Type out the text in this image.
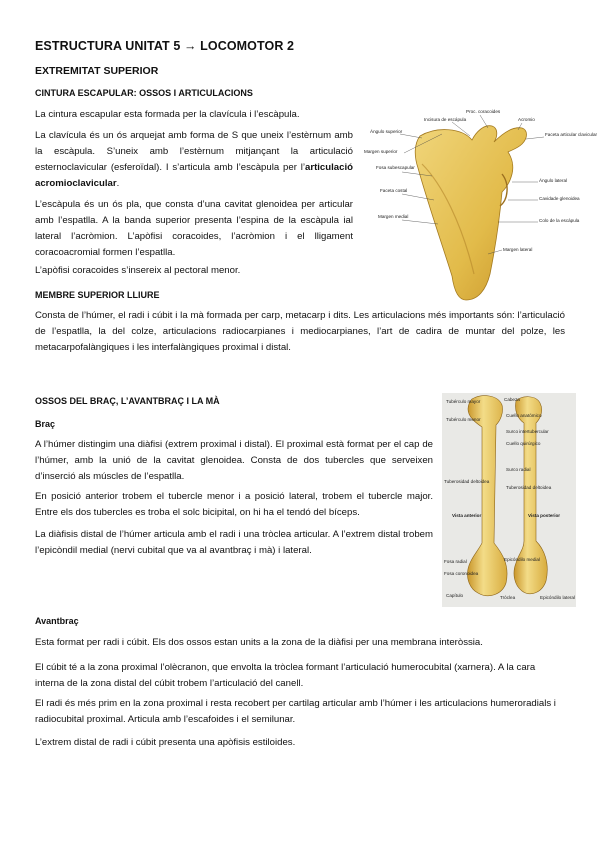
ESTRUCTURA UNITAT 5 → LOCOMOTOR 2
EXTREMITAT SUPERIOR
CINTURA ESCAPULAR: OSSOS I ARTICULACIONS

La cintura escapular esta formada per la clavícula i l’escàpula.

La clavícula és un ós arquejat amb forma de S que uneix l’estèrnum amb la escàpula. S’uneix amb l’estèrnum mitjançant la articulació esternoclavicular (esferoïdal). I s’articula amb l’escàpula per l’articulació acromioclavicular.

L’escàpula és un ós pla, que consta d’una cavitat glenoidea per articular amb l’espatlla. A la banda superior presenta l’espina de la escàpula ial lateral l’acròmion. L’apòfisi coracoides, l’acròmion i el lligament coracoacromial formen l’espatlla.

L’apòfisi coracoides s’insereix al pectoral menor.

Proc. coracoides
Incisura de escápula	Acromio
Ángulo superior
Margen superior
Faceta articular clavicular
Fosa subescapular
Faceta costal
Ángulo lateral
Cavidade glenoidea
Colo de la escápula
Margen medial
Margen lateral
MEMBRE SUPERIOR LLIURE

Consta de l’húmer, el radi i cúbit i la mà formada per carp, metacarp i dits. Les articulacions més importants són: l’articulació de l’espatlla, la del colze, articulacions radiocarpianes i mediocarpianes, l’art de cadira de muntar del polze, les metacarpofalàngiques i les interfalàngiques proximal i distal.

OSSOS DEL BRAÇ, L’AVANTBRAÇ I LA MÀ
Braç

A l’húmer distingim una diàfisi (extrem proximal i distal). El proximal està format per el cap de l’húmer, amb la unió de la cavitat glenoidea. Consta de dos tubercles que serveixen d’inserció als múscles de l’espatlla.

En posició anterior trobem el tubercle menor i a posició lateral, trobem el tubercle major. Entre els dos tubercles es troba el solc bicipital, on hi ha el tendó del bíceps.

La diàfisis distal de l’húmer articula amb el radi i una tròclea articular. A l’extrem distal trobem l’epicòndil medial (nervi cubital que va al avantbraç i mà) i lateral.

Cabeza
Tubérculo mayor
Tubérculo menor
Cuello anatómico
Surco intertubercular
Cuello quirúrgico
Surco radial
Tuberosidad deltoidea
Tuberosidad deltoidea
Vista anterior	Vista posterior
Fosa radial
Fosa coronoidea
Epicóndilo medial
Capítulo	Tróclea	Epicóndilo lateral
Avantbraç

Esta format per radi i cúbit. Els dos ossos estan units a la zona de la diàfisi per una membrana interòssia.

El cúbit té a la zona proximal l’olècranon, que envolta la tròclea formant l’articulació humerocubital (xarnera). A la cara interna de la zona distal del cúbit trobem l’articulació del canell.

El radi és més prim en la zona proximal i resta recobert per cartilag articular amb l’húmer i les articulacions humeroradials i radiocubital proximal. Articula amb l’escafoides i el semilunar.

L’extrem distal de radi i cúbit presenta una apòfisis estiloides.
